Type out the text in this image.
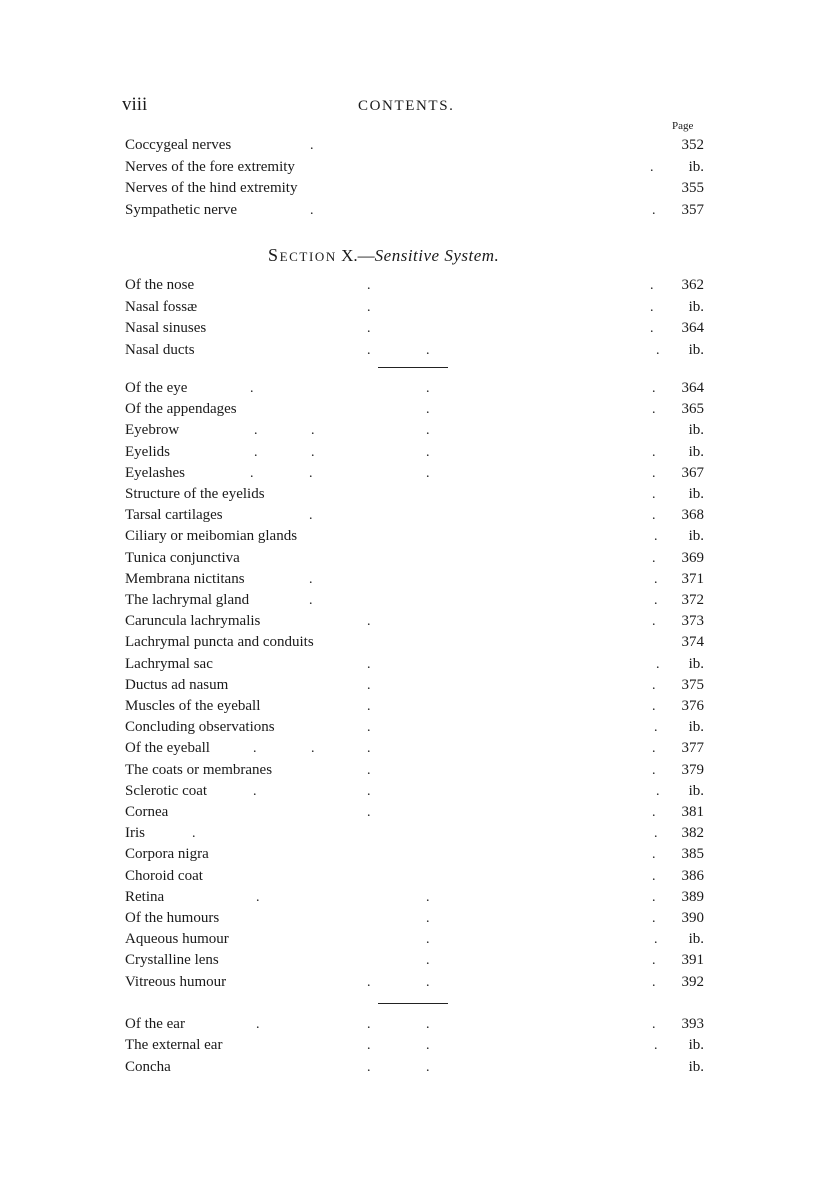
viii	CONTENTS.
Page
Section X.—Sensitive System.
Coccygeal nerves	.	352
Nerves of the fore extremity	.	ib.
Nerves of the hind extremity	355
Sympathetic nerve	.	.	357
Of the nose	.	.	362
Nasal fossæ	.	.	ib.
Nasal sinuses	.	.	364
Nasal ducts	.	.	.	ib.
Of the eye	.	.	.	364
Of the appendages	.	.	365
Eyebrow	.	.	.	ib.
Eyelids	.	.	.	.	ib.
Eyelashes	.	.	.	.	367
Structure of the eyelids	.	ib.
Tarsal cartilages	.	.	368
Ciliary or meibomian glands	.	ib.
Tunica conjunctiva	.	369
Membrana nictitans	.	.	371
The lachrymal gland	.	.	372
Caruncula lachrymalis	.	.	373
Lachrymal puncta and conduits	374
Lachrymal sac	.	.	ib.
Ductus ad nasum	.	.	375
Muscles of the eyeball	.	.	376
Concluding observations	.	.	ib.
Of the eyeball	.	.	.	.	377
The coats or membranes	.	.	379
Sclerotic coat	.	.	.	ib.
Cornea	.	.	381
Iris	.	.	382
Corpora nigra	.	385
Choroid coat	.	386
Retina	.	.	.	389
Of the humours	.	.	390
Aqueous humour	.	.	ib.
Crystalline lens	.	.	391
Vitreous humour	.	.	.	392
Of the ear	.	.	.	.	393
The external ear	.	.	.	ib.
Concha	.	.	ib.
